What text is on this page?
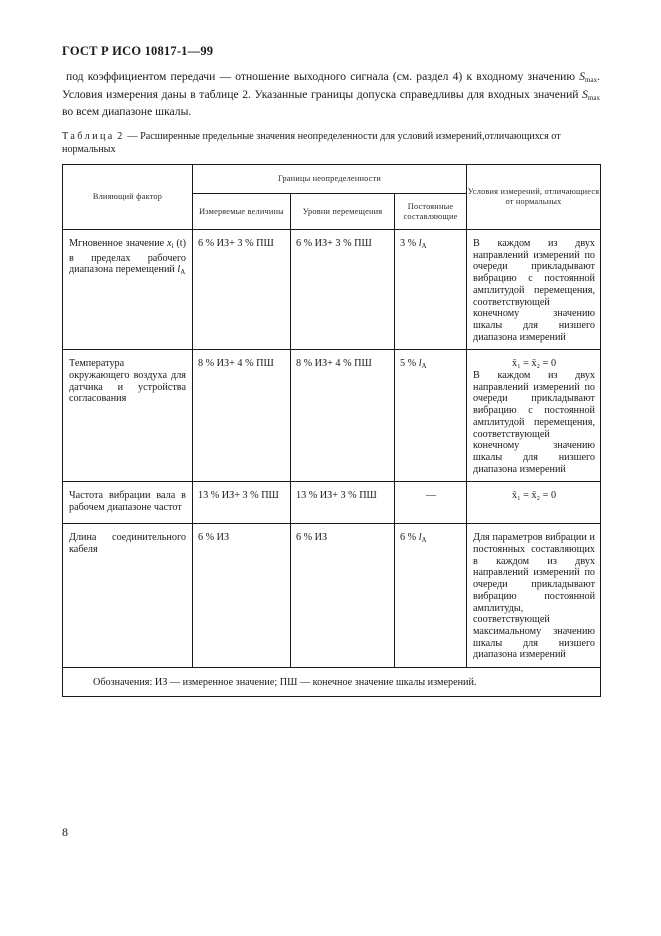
ГОСТ Р ИСО 10817-1—99
под коэффициентом передачи — отношение выходного сигнала (см. раздел 4) к входному значению $S_{max}$. Условия измерения даны в таблице 2. Указанные границы допуска справедливы для входных значений $S_{max}$ во всем диапазоне шкалы.
Таблица 2 — Расширенные предельные значения неопределенности для условий измерений,отличающихся от нормальных
Влияющий фактор	Границы неопределенности			Условия измерений, отличающиеся от нормальных
	Измеряемые величины	Уровни перемещения	Постоянные составляющие	
Мгновенное значение $x_i$ (t) в пределах рабочего диапазона перемещений $l_A$	6 % ИЗ+ 3 % ПШ	6 % ИЗ+ 3 % ПШ	3 % $l_A$	В каждом из двух направлений измерений по очереди прикладывают вибрацию с постоянной амплитудой перемещения, соответствующей конечному значению шкалы для низшего диапазона измерений
Температура окружающего воздуха для датчика и устройства согласования	8 % ИЗ+ 4 % ПШ	8 % ИЗ+ 4 % ПШ	5 % $l_A$	x̄₁ = x̄₂ = 0
В каждом из двух направлений измерений по очереди прикладывают вибрацию с постоянной амплитудой перемещения, соответствующей конечному значению шкалы для низшего диапазона измерений
Частота вибрации вала в рабочем диапазоне частот	13 % ИЗ+ 3 % ПШ	13 % ИЗ+ 3 % ПШ	—	x̄₁ = x̄₂ = 0

Длина соединительного кабеля	6 % ИЗ	6 % ИЗ	6 % $l_A$	Для параметров вибрации и постоянных составляющих в каждом из двух направлений измерений по очереди прикладывают вибрацию постоянной амплитуды, соответствующей максимальному значению шкалы для низшего диапазона измерений
Обозначения: ИЗ — измеренное значение; ПШ — конечное значение шкалы измерений.				
8
